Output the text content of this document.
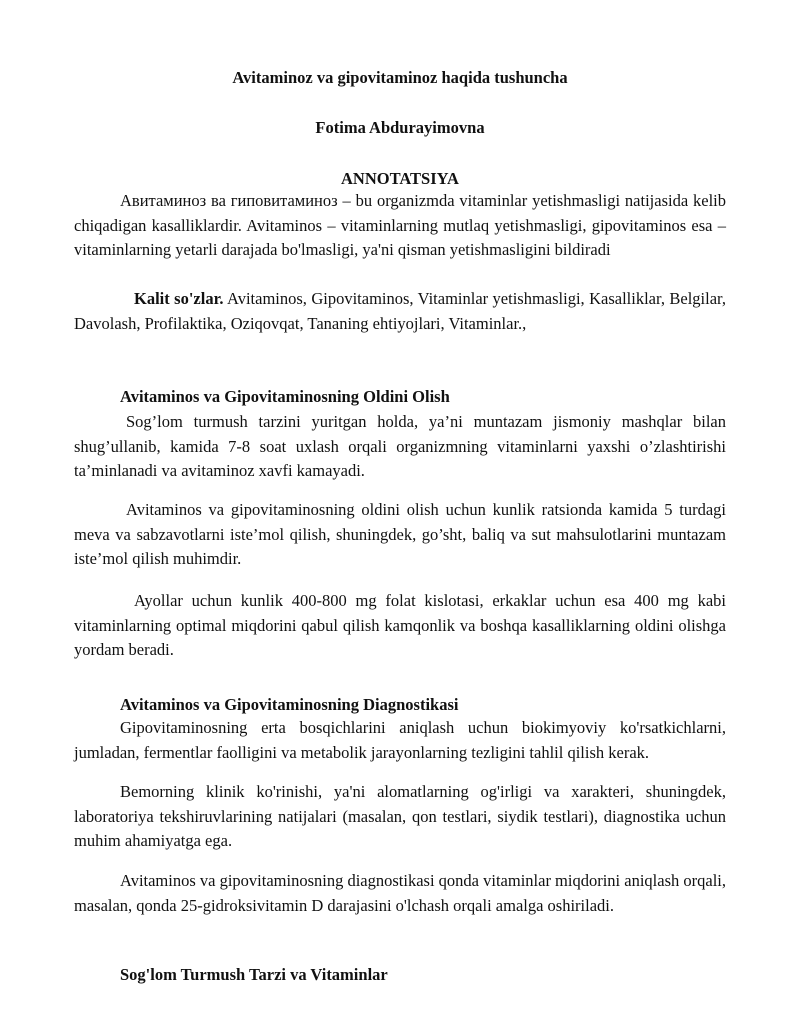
Avitaminoz va gipovitaminoz haqida tushuncha

Fotima Abdurayimovna

ANNOTATSIYA

Авитаминоз ва гиповитаминоз – bu organizmda vitaminlar yetishmasligi natijasida kelib chiqadigan kasalliklardir. Avitaminos – vitaminlarning mutlaq yetishmasligi, gipovitaminos esa – vitaminlarning yetarli darajada bo'lmasligi, ya'ni qisman yetishmasligini bildiradi

Kalit so'zlar. Avitaminos, Gipovitaminos, Vitaminlar yetishmasligi, Kasalliklar, Belgilar, Davolash, Profilaktika, Oziqovqat, Tananing ehtiyojlari, Vitaminlar.,

Avitaminos va Gipovitaminosning Oldini Olish

Sog’lom turmush tarzini yuritgan holda, ya’ni muntazam jismoniy mashqlar bilan shug’ullanib, kamida 7-8 soat uxlash orqali organizmning vitaminlarni yaxshi o’zlashtirishi ta’minlanadi va avitaminoz xavfi kamayadi.

Avitaminos va gipovitaminosning oldini olish uchun kunlik ratsionda kamida 5 turdagi meva va sabzavotlarni iste’mol qilish, shuningdek, go’sht, baliq va sut mahsulotlarini muntazam iste’mol qilish muhimdir.

Ayollar uchun kunlik 400-800 mg folat kislotasi, erkaklar uchun esa 400 mg kabi vitaminlarning optimal miqdorini qabul qilish kamqonlik va boshqa kasalliklarning oldini olishga yordam beradi.

Avitaminos va Gipovitaminosning Diagnostikasi

Gipovitaminosning erta bosqichlarini aniqlash uchun biokimyoviy ko'rsatkichlarni, jumladan, fermentlar faolligini va metabolik jarayonlarning tezligini tahlil qilish kerak.

Bemorning klinik ko'rinishi, ya'ni alomatlarning og'irligi va xarakteri, shuningdek, laboratoriya tekshiruvlarining natijalari (masalan, qon testlari, siydik testlari), diagnostika uchun muhim ahamiyatga ega.

Avitaminos va gipovitaminosning diagnostikasi qonda vitaminlar miqdorini aniqlash orqali, masalan, qonda 25-gidroksivitamin D darajasini o'lchash orqali amalga oshiriladi.

Sog'lom Turmush Tarzi va Vitaminlar
